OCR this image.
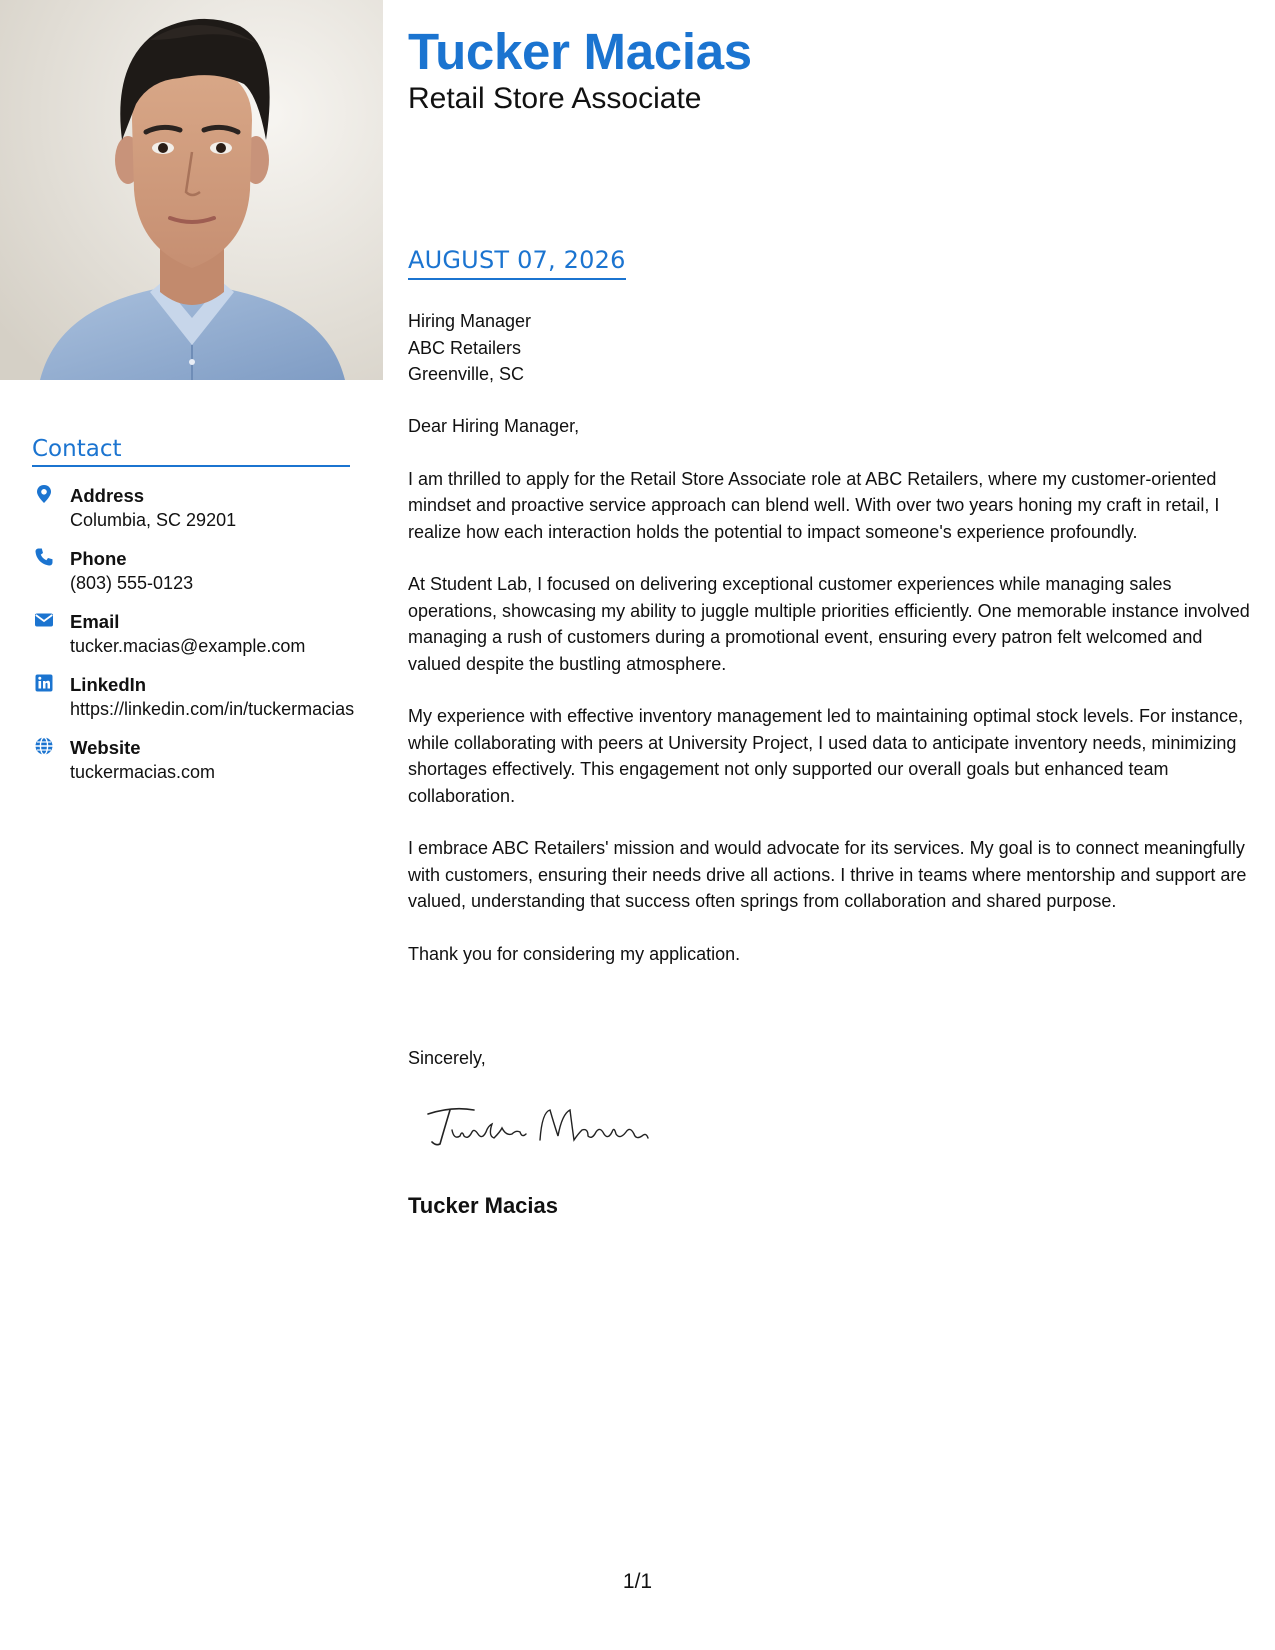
Contact
Address
Columbia, SC 29201
Phone
(803) 555-0123
Email
tucker.macias@example.com
LinkedIn
https://linkedin.com/in/tuckermacias
Website
tuckermacias.com
Tucker Macias
Retail Store Associate
AUGUST 07, 2026
Hiring Manager
ABC Retailers
Greenville, SC

Dear Hiring Manager,

I am thrilled to apply for the Retail Store Associate role at ABC Retailers, where my customer-oriented mindset and proactive service approach can blend well. With over two years honing my craft in retail, I realize how each interaction holds the potential to impact someone's experience profoundly.

At Student Lab, I focused on delivering exceptional customer experiences while managing sales operations, showcasing my ability to juggle multiple priorities efficiently. One memorable instance involved managing a rush of customers during a promotional event, ensuring every patron felt welcomed and valued despite the bustling atmosphere.

My experience with effective inventory management led to maintaining optimal stock levels. For instance, while collaborating with peers at University Project, I used data to anticipate inventory needs, minimizing shortages effectively. This engagement not only supported our overall goals but enhanced team collaboration.

I embrace ABC Retailers' mission and would advocate for its services. My goal is to connect meaningfully with customers, ensuring their needs drive all actions. I thrive in teams where mentorship and support are valued, understanding that success often springs from collaboration and shared purpose.

Thank you for considering my application.

Sincerely,
Tucker Macias
1/1
